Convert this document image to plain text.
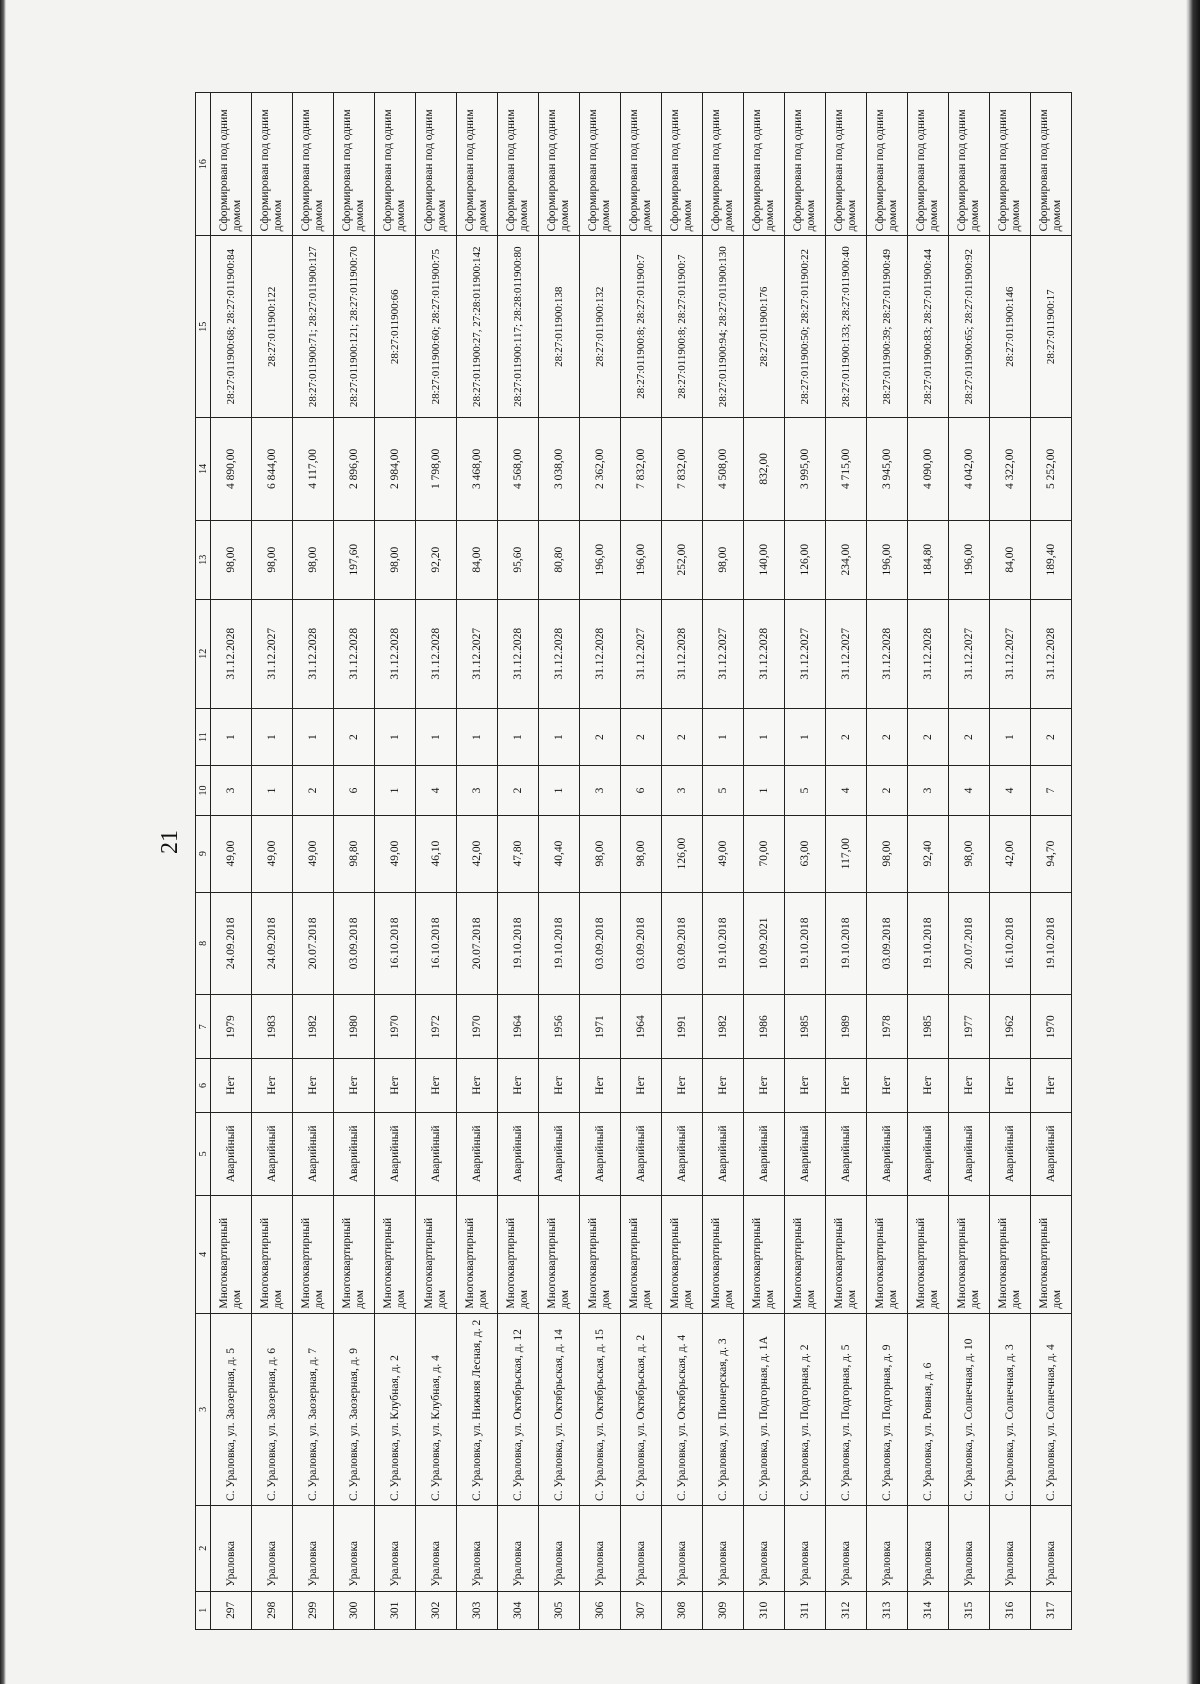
21
1	2	3	4	5	6	7	8	9	10	11	12	13	14	15	16
297	Ураловка	С. Ураловка, ул. Заозерная, д. 5	Многоквартирный дом	Аварийный	Нет	1979	24.09.2018	49,00	3	1	31.12.2028	98,00	4 890,00	28:27:011900:68; 28:27:011900:84	Сформирован под одним домом
298	Ураловка	С. Ураловка, ул. Заозерная, д. 6	Многоквартирный дом	Аварийный	Нет	1983	24.09.2018	49,00	1	1	31.12.2027	98,00	6 844,00	28:27:011900:122	Сформирован под одним домом
299	Ураловка	С. Ураловка, ул. Заозерная, д. 7	Многоквартирный дом	Аварийный	Нет	1982	20.07.2018	49,00	2	1	31.12.2028	98,00	4 117,00	28:27:011900:71; 28:27:011900:127	Сформирован под одним домом
300	Ураловка	С. Ураловка, ул. Заозерная, д. 9	Многоквартирный дом	Аварийный	Нет	1980	03.09.2018	98,80	6	2	31.12.2028	197,60	2 896,00	28:27:011900:121; 28:27:011900:70	Сформирован под одним домом
301	Ураловка	С. Ураловка, ул. Клубная, д. 2	Многоквартирный дом	Аварийный	Нет	1970	16.10.2018	49,00	1	1	31.12.2028	98,00	2 984,00	28:27:011900:66	Сформирован под одним домом
302	Ураловка	С. Ураловка, ул. Клубная, д. 4	Многоквартирный дом	Аварийный	Нет	1972	16.10.2018	46,10	4	1	31.12.2028	92,20	1 798,00	28:27:011900:60; 28:27:011900:75	Сформирован под одним домом
303	Ураловка	С. Ураловка, ул. Нижняя Лесная, д. 2	Многоквартирный дом	Аварийный	Нет	1970	20.07.2018	42,00	3	1	31.12.2027	84,00	3 468,00	28:27:011900:27, 27:28:011900:142	Сформирован под одним домом
304	Ураловка	С. Ураловка, ул. Октябрьская, д. 12	Многоквартирный дом	Аварийный	Нет	1964	19.10.2018	47,80	2	1	31.12.2028	95,60	4 568,00	28:27:011900:117; 28:28:011900:80	Сформирован под одним домом
305	Ураловка	С. Ураловка, ул. Октябрьская, д. 14	Многоквартирный дом	Аварийный	Нет	1956	19.10.2018	40,40	1	1	31.12.2028	80,80	3 038,00	28:27:011900:138	Сформирован под одним домом
306	Ураловка	С. Ураловка, ул. Октябрьская, д. 15	Многоквартирный дом	Аварийный	Нет	1971	03.09.2018	98,00	3	2	31.12.2028	196,00	2 362,00	28:27:011900:132	Сформирован под одним домом
307	Ураловка	С. Ураловка, ул. Октябрьская, д. 2	Многоквартирный дом	Аварийный	Нет	1964	03.09.2018	98,00	6	2	31.12.2027	196,00	7 832,00	28:27:011900:8; 28:27:011900:7	Сформирован под одним домом
308	Ураловка	С. Ураловка, ул. Октябрьская, д. 4	Многоквартирный дом	Аварийный	Нет	1991	03.09.2018	126,00	3	2	31.12.2028	252,00	7 832,00	28:27:011900:8; 28:27:011900:7	Сформирован под одним домом
309	Ураловка	С. Ураловка, ул. Пионерская, д. 3	Многоквартирный дом	Аварийный	Нет	1982	19.10.2018	49,00	5	1	31.12.2027	98,00	4 508,00	28:27:011900:94; 28:27:011900:130	Сформирован под одним домом
310	Ураловка	С. Ураловка, ул. Подгорная, д. 1А	Многоквартирный дом	Аварийный	Нет	1986	10.09.2021	70,00	1	1	31.12.2028	140,00	832,00	28:27:011900:176	Сформирован под одним домом
311	Ураловка	С. Ураловка, ул. Подгорная, д. 2	Многоквартирный дом	Аварийный	Нет	1985	19.10.2018	63,00	5	1	31.12.2027	126,00	3 995,00	28:27:011900:50; 28:27:011900:22	Сформирован под одним домом
312	Ураловка	С. Ураловка, ул. Подгорная, д. 5	Многоквартирный дом	Аварийный	Нет	1989	19.10.2018	117,00	4	2	31.12.2027	234,00	4 715,00	28:27:011900:133; 28:27:011900:40	Сформирован под одним домом
313	Ураловка	С. Ураловка, ул. Подгорная, д. 9	Многоквартирный дом	Аварийный	Нет	1978	03.09.2018	98,00	2	2	31.12.2028	196,00	3 945,00	28:27:011900:39; 28:27:011900:49	Сформирован под одним домом
314	Ураловка	С. Ураловка, ул. Ровная, д. 6	Многоквартирный дом	Аварийный	Нет	1985	19.10.2018	92,40	3	2	31.12.2028	184,80	4 090,00	28:27:011900:83; 28:27:011900:44	Сформирован под одним домом
315	Ураловка	С. Ураловка, ул. Солнечная, д. 10	Многоквартирный дом	Аварийный	Нет	1977	20.07.2018	98,00	4	2	31.12.2027	196,00	4 042,00	28:27:011900:65; 28:27:011900:92	Сформирован под одним домом
316	Ураловка	С. Ураловка, ул. Солнечная, д. 3	Многоквартирный дом	Аварийный	Нет	1962	16.10.2018	42,00	4	1	31.12.2027	84,00	4 322,00	28:27:011900:146	Сформирован под одним домом
317	Ураловка	С. Ураловка, ул. Солнечная, д. 4	Многоквартирный дом	Аварийный	Нет	1970	19.10.2018	94,70	7	2	31.12.2028	189,40	5 252,00	28:27:011900:17	Сформирован под одним домом
